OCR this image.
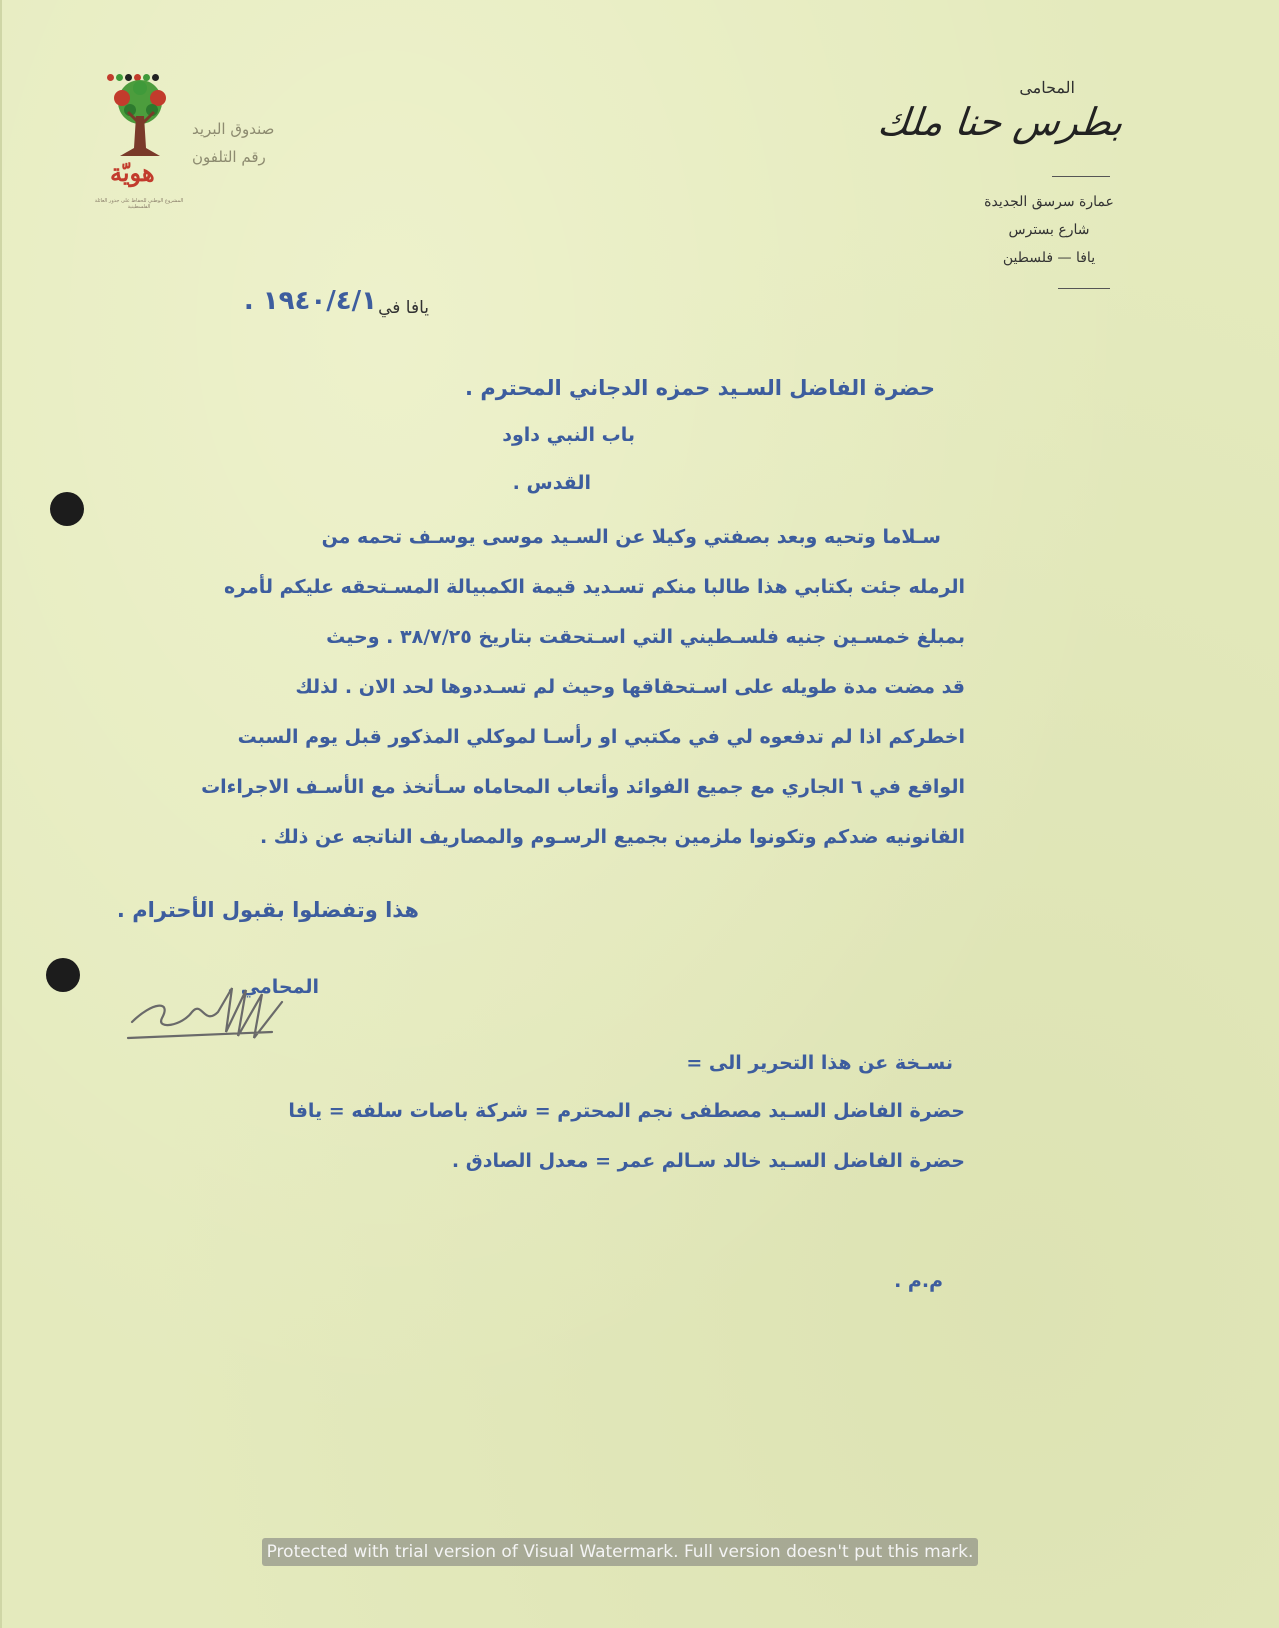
هويّة
المشروع الوطني للحفاظ على جذور العائلة الفلسطينية
صندوق البريد
رقم التلفون
المحامى
بطرس حنا ملك
عمارة سرسق الجديدة
شارع بسترس
يافا — فلسطين
يافا في
١٩٤٠/٤/١ .
حضرة الفاضل السـيد حمزه الدجاني المحترم .
باب النبي داود
القدس .
سـلاما وتحيه وبعد بصفتي وكيلا عن السـيد موسى يوسـف تحمه من
الرمله جئت بكتابي هذا طالبا منكم تسـديد قيمة الكمبيالة المسـتحقه عليكم لأمره
بمبلغ خمسـين جنيه فلسـطيني التي اسـتحقت بتاريخ ٣٨/٧/٢٥ . وحيث
قد مضت مدة طويله على اسـتحقاقها وحيث لم تسـددوها لحد الان . لذلك
اخطركم اذا لم تدفعوه لي في مكتبي او رأسـا لموكلي المذكور قبل يوم السبت
الواقع في ٦ الجاري مع جميع الفوائد وأتعاب المحاماه سـأتخذ مع الأسـف الاجراءات
القانونيه ضدكم وتكونوا ملزمين بجميع الرسـوم والمصاريف الناتجه عن ذلك .
هذا وتفضلوا بقبول الأحترام .
المحامي .
نسـخة عن هذا التحرير الى =
حضرة الفاضل السـيد مصطفى نجم المحترم = شركة باصات سلفه = يافا
حضرة الفاضل السـيد خالد سـالم عمر = معدل الصادق .
م.م .
Protected with trial version of Visual Watermark. Full version doesn't put this mark.
